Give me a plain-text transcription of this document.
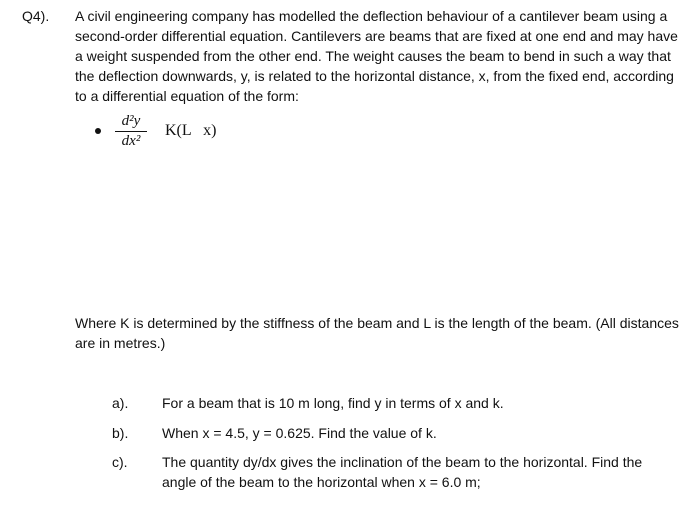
Q4). A civil engineering company has modelled the deflection behaviour of a cantilever beam using a second-order differential equation. Cantilevers are beams that are fixed at one end and may have a weight suspended from the other end. The weight causes the beam to bend in such a way that the deflection downwards, y, is related to the horizontal distance, x, from the fixed end, according to a differential equation of the form:

d²y
dx²
K(L   x)

Where K is determined by the stiffness of the beam and L is the length of the beam. (All distances are in metres.)

a). For a beam that is 10 m long, find y in terms of x and k.

b). When x = 4.5, y = 0.625. Find the value of k.

c). The quantity dy/dx gives the inclination of the beam to the horizontal. Find the angle of the beam to the horizontal when x = 6.0 m;
